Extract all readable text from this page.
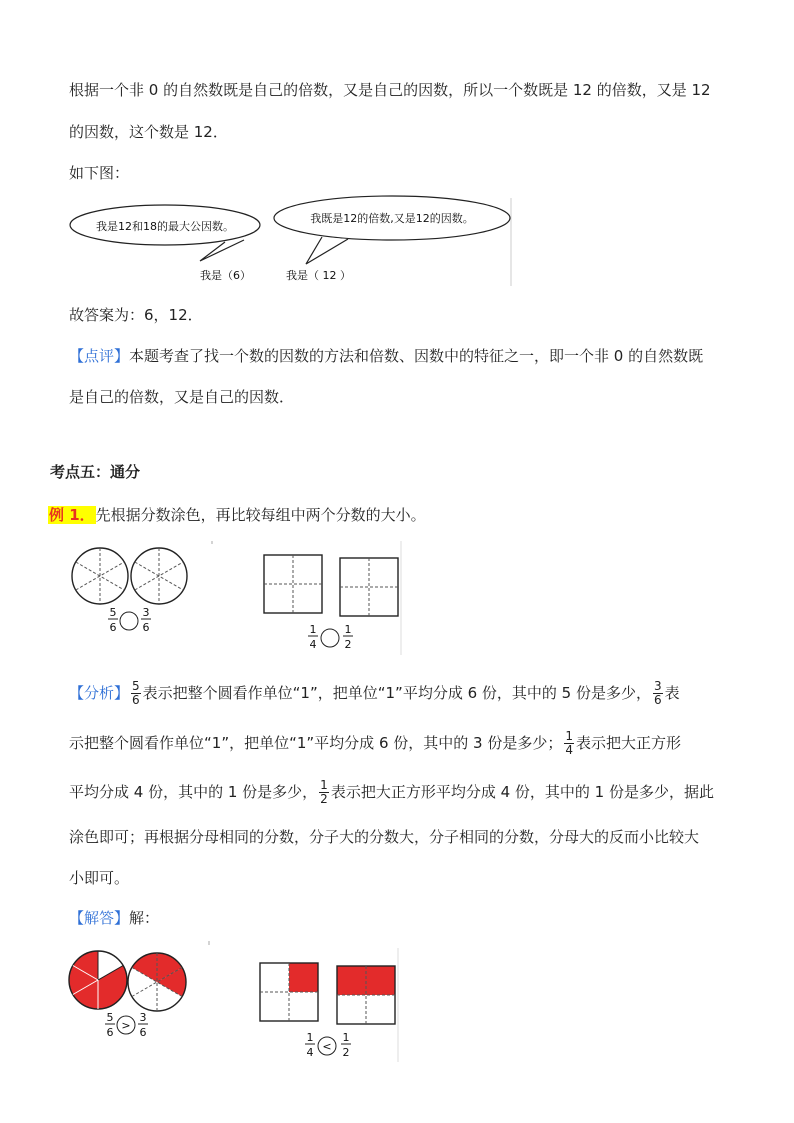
根据一个非 0 的自然数既是自己的倍数，又是自己的因数，所以一个数既是 12 的倍数，又是 12
的因数，这个数是 12．
如下图：
我是12和18的最大公因数。
我既是12的倍数,又是12的因数。
我是（6）	我是（ 12 ）
故答案为：6，12．
【点评】本题考查了找一个数的因数的方法和倍数、因数中的特征之一，即一个非 0 的自然数既
是自己的倍数，又是自己的因数．
考点五：通分
例 1．先根据分数涂色，再比较每组中两个分数的大小。
5
6
3
6	1
4
1
2
【分析】 $\frac{5}{6}$ 表示把整个圆看作单位“1”，把单位“1”平均分成 6 份，其中的 5 份是多少， $\frac{3}{6}$ 表
示把整个圆看作单位“1”，把单位“1”平均分成 6 份，其中的 3 份是多少； $\frac{1}{4}$ 表示把大正方形
平均分成 4 份，其中的 1 份是多少， $\frac{1}{2}$ 表示把大正方形平均分成 4 份，其中的 1 份是多少，据此
涂色即可；再根据分母相同的分数，分子大的分数大，分子相同的分数，分母大的反而小比较大
小即可。
【解答】解：
5
6
>
3
6	1
4 <
1
2
